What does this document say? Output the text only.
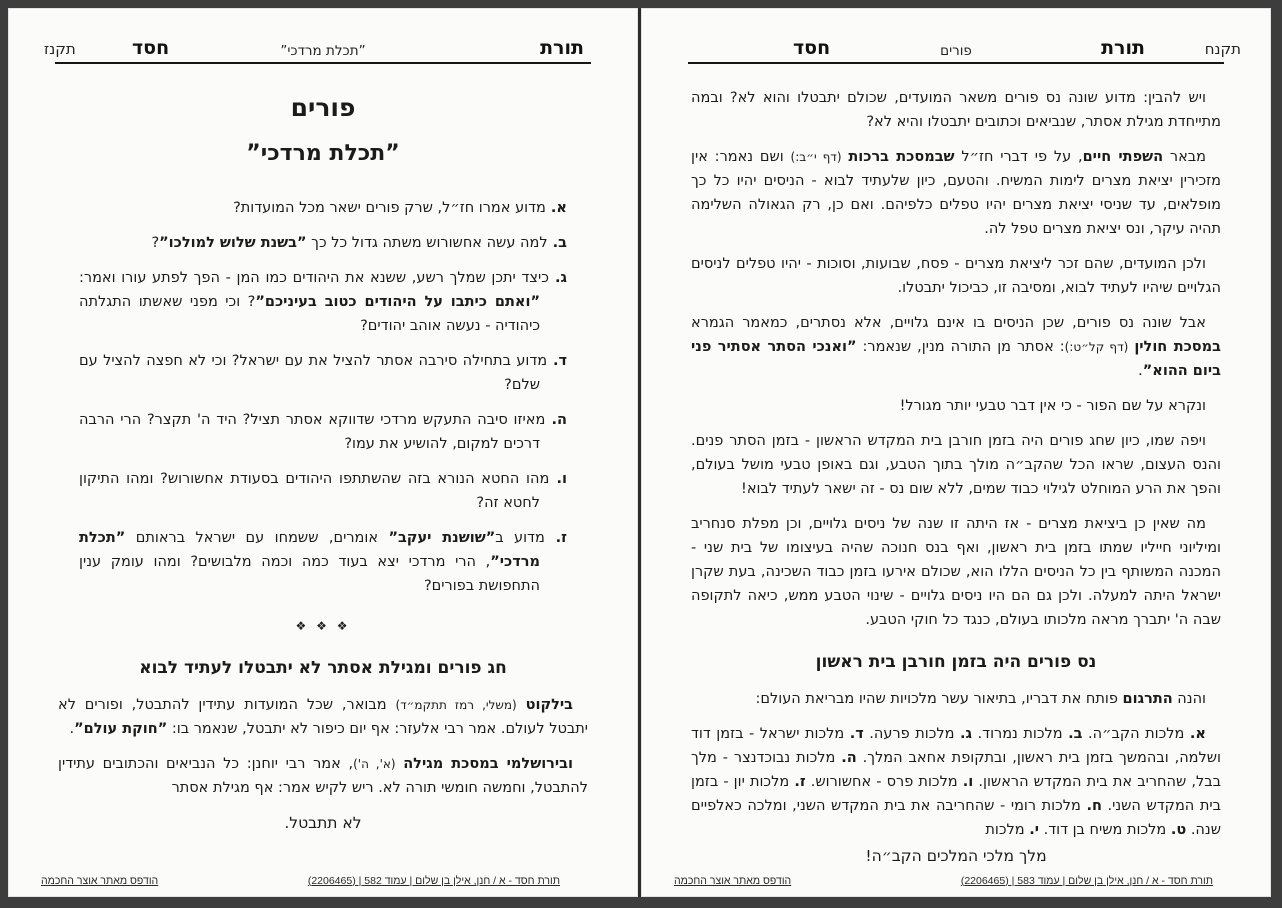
תקנז	חסד	”תכלת מרדכי”	תורת
פורים
”תכלת מרדכי”
א. מדוע אמרו חז״ל, שרק פורים ישאר מכל המועדות?
ב. למה עשה אחשורוש משתה גדול כל כך ”בשנת שלוש למולכו”?
ג. כיצד יתכן שמלך רשע, ששנא את היהודים כמו המן - הפך לפתע עורו ואמר: ”ואתם כיתבו על היהודים כטוב בעיניכם”? וכי מפני שאשתו התגלתה כיהודיה - נעשה אוהב יהודים?
ד. מדוע בתחילה סירבה אסתר להציל את עם ישראל? וכי לא חפצה להציל עם שלם?
ה. מאיזו סיבה התעקש מרדכי שדווקא אסתר תציל? היד ה' תקצר? הרי הרבה דרכים למקום, להושיע את עמו?
ו. מהו החטא הנורא בזה שהשתתפו היהודים בסעודת אחשורוש? ומהו התיקון לחטא זה?
ז. מדוע ב”שושנת יעקב” אומרים, ששמחו עם ישראל בראותם ”תכלת מרדכי”, הרי מרדכי יצא בעוד כמה וכמה מלבושים? ומהו עומק ענין התחפושת בפורים?
❖ ❖ ❖
חג פורים ומגילת אסתר לא יתבטלו לעתיד לבוא
בילקוט (משלי, רמז תתקמ״ד) מבואר, שכל המועדות עתידין להתבטל, ופורים לא יתבטל לעולם. אמר רבי אלעזר: אף יום כיפור לא יתבטל, שנאמר בו: ”חוקת עולם”.
ובירושלמי במסכת מגילה (א', ה'), אמר רבי יוחנן: כל הנביאים והכתובים עתידין להתבטל, וחמשה חומשי תורה לא. ריש לקיש אמר: אף מגילת אסתר
לא תתבטל.
תורת חסד - א / חנן, אילן בן שלום | עמוד 582 | (2206465)
הודפס מאתר אוצר החכמה
חסד	פורים	תורת	תקנח
ויש להבין: מדוע שונה נס פורים משאר המועדים, שכולם יתבטלו והוא לא? ובמה מתייחדת מגילת אסתר, שנביאים וכתובים יתבטלו והיא לא?
מבאר השפתי חיים, על פי דברי חז״ל שבמסכת ברכות (דף י״ב:) ושם נאמר: אין מזכירין יציאת מצרים לימות המשיח. והטעם, כיון שלעתיד לבוא - הניסים יהיו כל כך מופלאים, עד שניסי יציאת מצרים יהיו טפלים כלפיהם. ואם כן, רק הגאולה השלימה תהיה עיקר, ונס יציאת מצרים טפל לה.
ולכן המועדים, שהם זכר ליציאת מצרים - פסח, שבועות, וסוכות - יהיו טפלים לניסים הגלויים שיהיו לעתיד לבוא, ומסיבה זו, כביכול יתבטלו.
אבל שונה נס פורים, שכן הניסים בו אינם גלויים, אלא נסתרים, כמאמר הגמרא במסכת חולין (דף קל״ט:): אסתר מן התורה מנין, שנאמר: ”ואנכי הסתר אסתיר פני ביום ההוא”.
ונקרא על שם הפור - כי אין דבר טבעי יותר מגורל!
ויפה שמו, כיון שחג פורים היה בזמן חורבן בית המקדש הראשון - בזמן הסתר פנים. והנס העצום, שראו הכל שהקב״ה מולך בתוך הטבע, וגם באופן טבעי מושל בעולם, והפך את הרע המוחלט לגילוי כבוד שמים, ללא שום נס - זה ישאר לעתיד לבוא!
מה שאין כן ביציאת מצרים - אז היתה זו שנה של ניסים גלויים, וכן מפלת סנחריב ומיליוני חייליו שמתו בזמן בית ראשון, ואף בנס חנוכה שהיה בעיצומו של בית שני - המכנה המשותף בין כל הניסים הללו הוא, שכולם אירעו בזמן כבוד השכינה, בעת שקרן ישראל היתה למעלה. ולכן גם הם היו ניסים גלויים - שינוי הטבע ממש, כיאה לתקופה שבה ה' יתברך מראה מלכותו בעולם, כנגד כל חוקי הטבע.
נס פורים היה בזמן חורבן בית ראשון
והנה התרגום פותח את דבריו, בתיאור עשר מלכויות שהיו מבריאת העולם:
א. מלכות הקב״ה. ב. מלכות נמרוד. ג. מלכות פרעה. ד. מלכות ישראל - בזמן דוד ושלמה, ובהמשך בזמן בית ראשון, ובתקופת אחאב המלך. ה. מלכות נבוכדנצר - מלך בבל, שהחריב את בית המקדש הראשון. ו. מלכות פרס - אחשורוש. ז. מלכות יון - בזמן בית המקדש השני. ח. מלכות רומי - שהחריבה את בית המקדש השני, ומלכה כאלפיים שנה. ט. מלכות משיח בן דוד. י. מלכות
מלך מלכי המלכים הקב״ה!
תורת חסד - א / חנן, אילן בן שלום | עמוד 583 | (2206465)
הודפס מאתר אוצר החכמה
